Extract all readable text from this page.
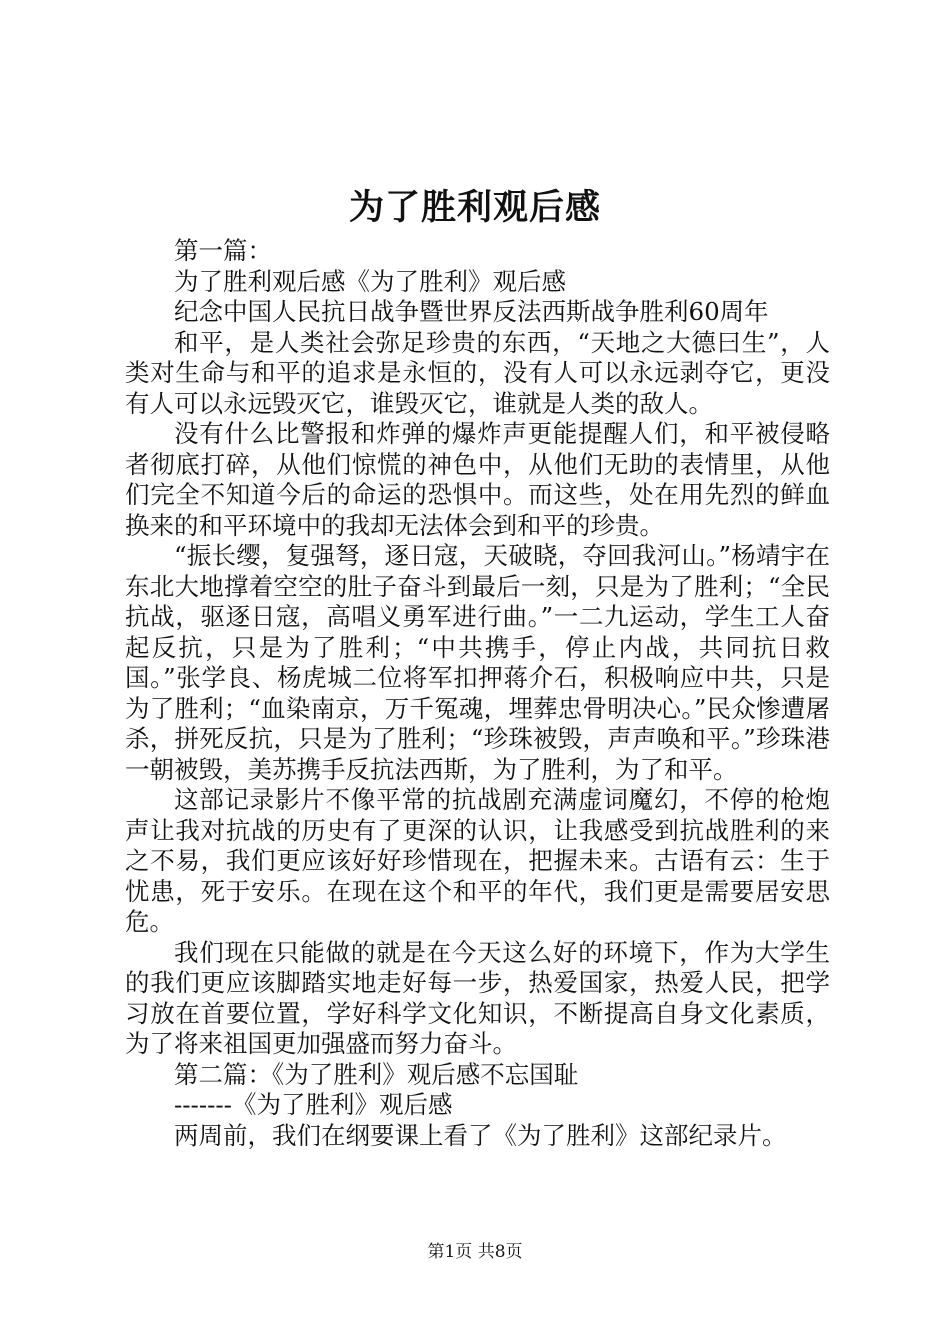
为了胜利观后感

第一篇：

为了胜利观后感《为了胜利》观后感

纪念中国人民抗日战争暨世界反法西斯战争胜利60周年

和平，是人类社会弥足珍贵的东西，“天地之大德曰生”，人类对生命与和平的追求是永恒的，没有人可以永远剥夺它，更没有人可以永远毁灭它，谁毁灭它，谁就是人类的敌人。

没有什么比警报和炸弹的爆炸声更能提醒人们，和平被侵略者彻底打碎，从他们惊慌的神色中，从他们无助的表情里，从他们完全不知道今后的命运的恐惧中。而这些，处在用先烈的鲜血换来的和平环境中的我却无法体会到和平的珍贵。

“振长缨，复强弩，逐日寇，天破晓，夺回我河山。”杨靖宇在东北大地撑着空空的肚子奋斗到最后一刻，只是为了胜利；“全民抗战，驱逐日寇，高唱义勇军进行曲。”一二九运动，学生工人奋起反抗，只是为了胜利；“中共携手，停止内战，共同抗日救国。”张学良、杨虎城二位将军扣押蒋介石，积极响应中共，只是为了胜利；“血染南京，万千冤魂，埋葬忠骨明决心。”民众惨遭屠杀，拼死反抗，只是为了胜利；“珍珠被毁，声声唤和平。”珍珠港一朝被毁，美苏携手反抗法西斯，为了胜利，为了和平。

这部记录影片不像平常的抗战剧充满虚词魔幻，不停的枪炮声让我对抗战的历史有了更深的认识，让我感受到抗战胜利的来之不易，我们更应该好好珍惜现在，把握未来。古语有云：生于忧患，死于安乐。在现在这个和平的年代，我们更是需要居安思危。

我们现在只能做的就是在今天这么好的环境下，作为大学生的我们更应该脚踏实地走好每一步，热爱国家，热爱人民，把学习放在首要位置，学好科学文化知识，不断提高自身文化素质，为了将来祖国更加强盛而努力奋斗。

第二篇：《为了胜利》观后感不忘国耻

-------《为了胜利》观后感

两周前，我们在纲要课上看了《为了胜利》这部纪录片。

第1页 共8页
